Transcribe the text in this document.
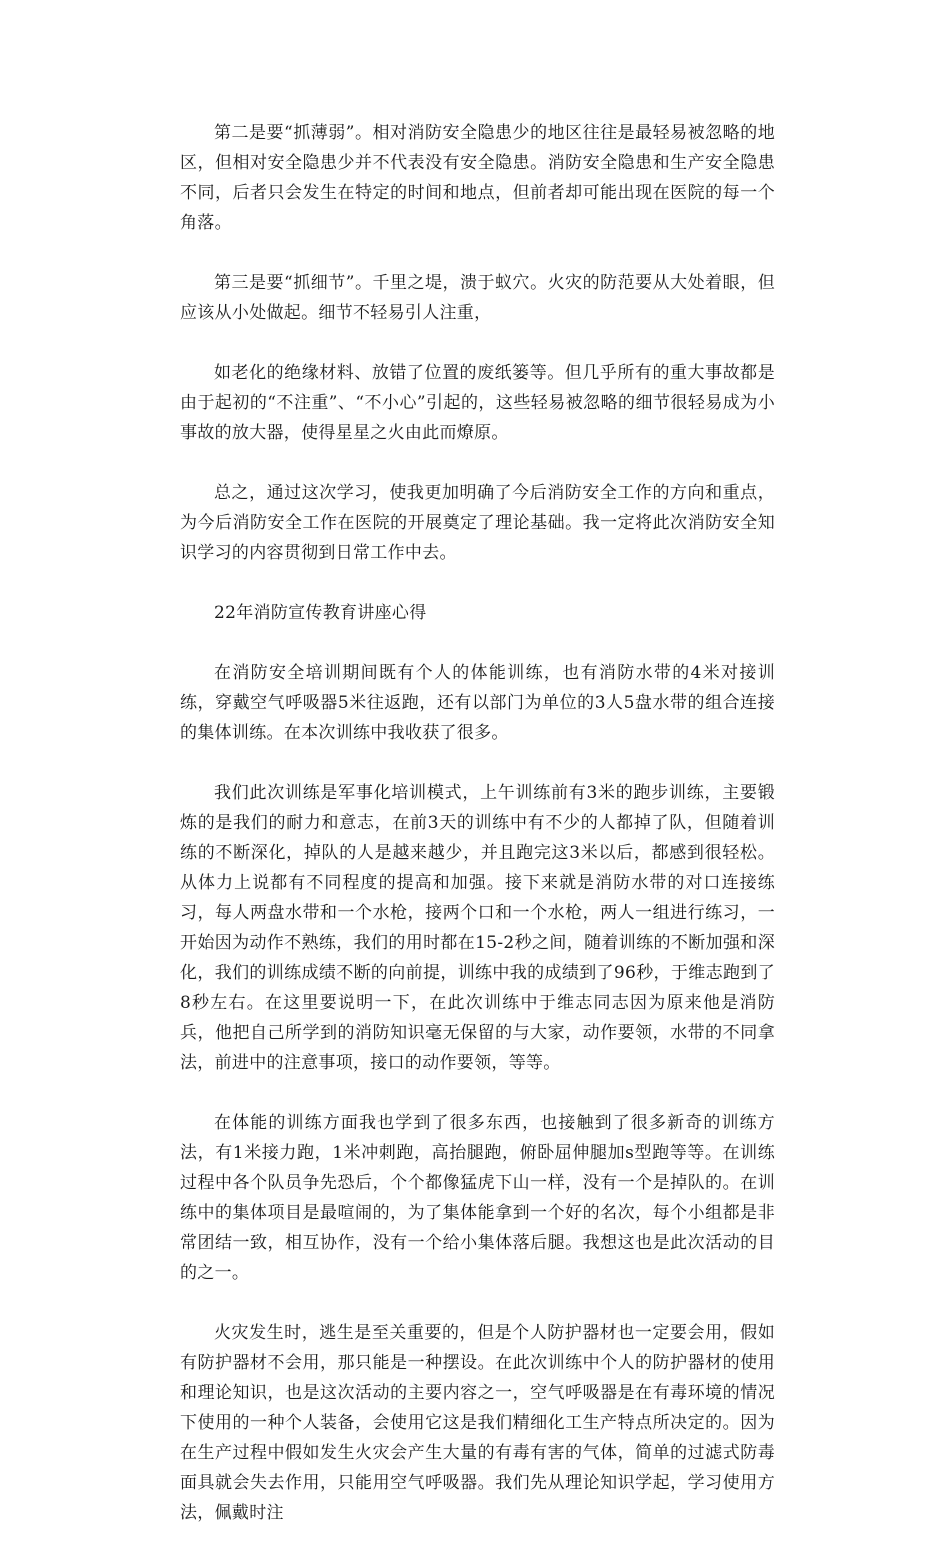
第二是要“抓薄弱”。相对消防安全隐患少的地区往往是最轻易被忽略的地区，但相对安全隐患少并不代表没有安全隐患。消防安全隐患和生产安全隐患不同，后者只会发生在特定的时间和地点，但前者却可能出现在医院的每一个角落。

第三是要“抓细节”。千里之堤，溃于蚁穴。火灾的防范要从大处着眼，但应该从小处做起。细节不轻易引人注重，

如老化的绝缘材料、放错了位置的废纸篓等。但几乎所有的重大事故都是由于起初的“不注重”、“不小心”引起的，这些轻易被忽略的细节很轻易成为小事故的放大器，使得星星之火由此而燎原。

总之，通过这次学习，使我更加明确了今后消防安全工作的方向和重点，为今后消防安全工作在医院的开展奠定了理论基础。我一定将此次消防安全知识学习的内容贯彻到日常工作中去。

22年消防宣传教育讲座心得

在消防安全培训期间既有个人的体能训练，也有消防水带的4米对接训练，穿戴空气呼吸器5米往返跑，还有以部门为单位的3人5盘水带的组合连接的集体训练。在本次训练中我收获了很多。

我们此次训练是军事化培训模式，上午训练前有3米的跑步训练，主要锻炼的是我们的耐力和意志，在前3天的训练中有不少的人都掉了队，但随着训练的不断深化，掉队的人是越来越少，并且跑完这3米以后，都感到很轻松。从体力上说都有不同程度的提高和加强。接下来就是消防水带的对口连接练习，每人两盘水带和一个水枪，接两个口和一个水枪，两人一组进行练习，一开始因为动作不熟练，我们的用时都在15-2秒之间，随着训练的不断加强和深化，我们的训练成绩不断的向前提，训练中我的成绩到了96秒，于维志跑到了8秒左右。在这里要说明一下，在此次训练中于维志同志因为原来他是消防兵，他把自己所学到的消防知识毫无保留的与大家，动作要领，水带的不同拿法，前进中的注意事项，接口的动作要领，等等。

在体能的训练方面我也学到了很多东西，也接触到了很多新奇的训练方法，有1米接力跑，1米冲刺跑，高抬腿跑，俯卧屈伸腿加s型跑等等。在训练过程中各个队员争先恐后，个个都像猛虎下山一样，没有一个是掉队的。在训练中的集体项目是最喧闹的，为了集体能拿到一个好的名次，每个小组都是非常团结一致，相互协作，没有一个给小集体落后腿。我想这也是此次活动的目的之一。

火灾发生时，逃生是至关重要的，但是个人防护器材也一定要会用，假如有防护器材不会用，那只能是一种摆设。在此次训练中个人的防护器材的使用和理论知识，也是这次活动的主要内容之一，空气呼吸器是在有毒环境的情况下使用的一种个人装备，会使用它这是我们精细化工生产特点所决定的。因为在生产过程中假如发生火灾会产生大量的有毒有害的气体，简单的过滤式防毒面具就会失去作用，只能用空气呼吸器。我们先从理论知识学起，学习使用方法，佩戴时注
